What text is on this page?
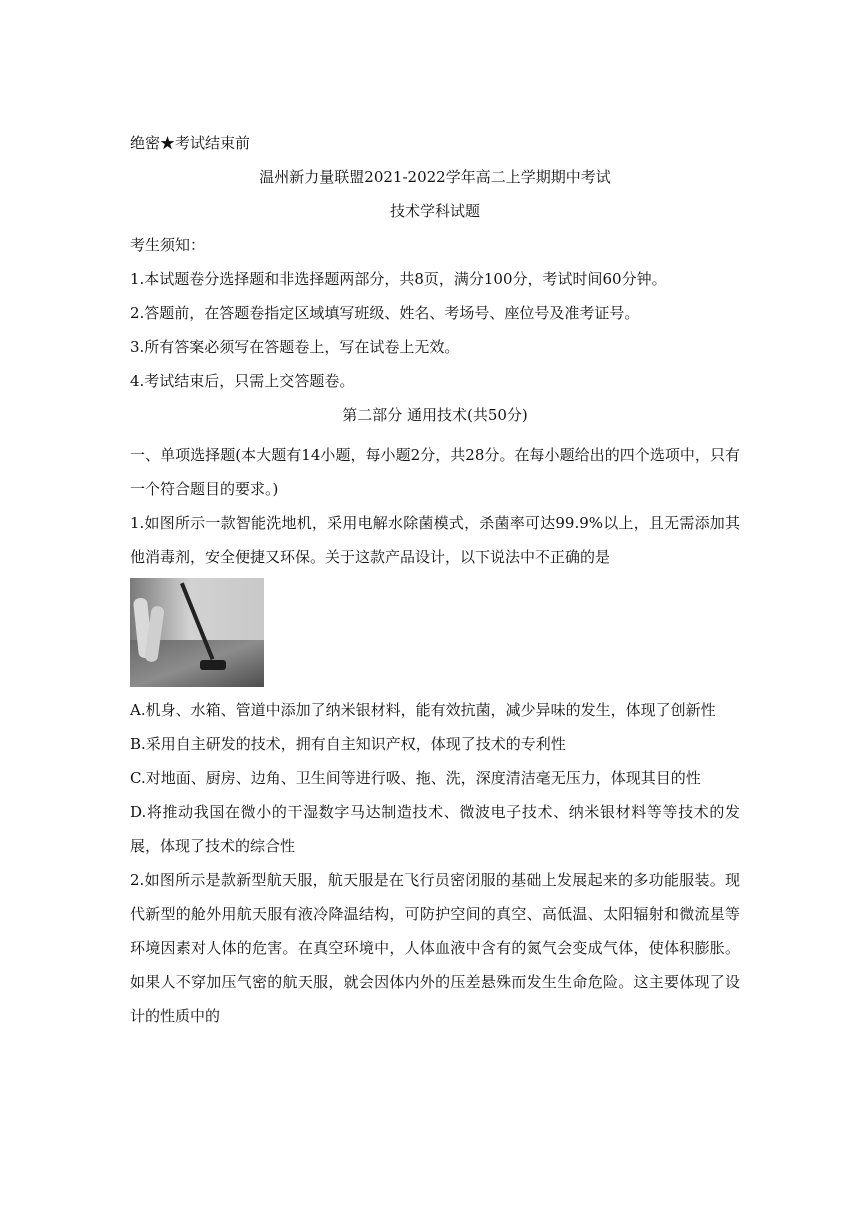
绝密★考试结束前

温州新力量联盟2021-2022学年高二上学期期中考试

技术学科试题

考生须知：

1.本试题卷分选择题和非选择题两部分，共8页，满分100分，考试时间60分钟。

2.答题前，在答题卷指定区域填写班级、姓名、考场号、座位号及准考证号。

3.所有答案必须写在答题卷上，写在试卷上无效。

4.考试结束后，只需上交答题卷。

第二部分 通用技术(共50分)

一、单项选择题(本大题有14小题，每小题2分，共28分。在每小题给出的四个选项中，只有一个符合题目的要求。)

1.如图所示一款智能洗地机，采用电解水除菌模式，杀菌率可达99.9%以上，且无需添加其他消毒剂，安全便捷又环保。关于这款产品设计，以下说法中不正确的是

A.机身、水箱、管道中添加了纳米银材料，能有效抗菌，减少异味的发生，体现了创新性

B.采用自主研发的技术，拥有自主知识产权，体现了技术的专利性

C.对地面、厨房、边角、卫生间等进行吸、拖、洗，深度清洁毫无压力，体现其目的性

D.将推动我国在微小的干湿数字马达制造技术、微波电子技术、纳米银材料等等技术的发展，体现了技术的综合性

2.如图所示是款新型航天服，航天服是在飞行员密闭服的基础上发展起来的多功能服装。现代新型的舱外用航天服有液冷降温结构，可防护空间的真空、高低温、太阳辐射和微流星等环境因素对人体的危害。在真空环境中，人体血液中含有的氮气会变成气体，使体积膨胀。如果人不穿加压气密的航天服，就会因体内外的压差悬殊而发生生命危险。这主要体现了设计的性质中的
